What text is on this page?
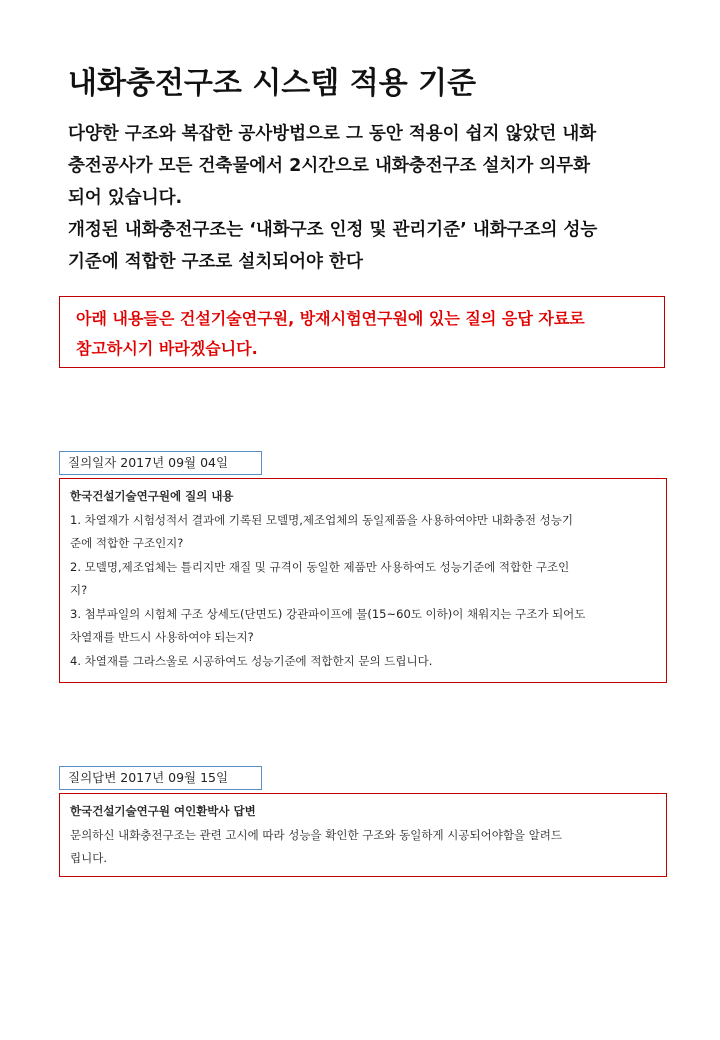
내화충전구조 시스템 적용 기준

다양한 구조와 복잡한 공사방법으로 그 동안 적용이 쉽지 않았던 내화

충전공사가 모든 건축물에서 2시간으로 내화충전구조 설치가 의무화

되어 있습니다.

개정된 내화충전구조는 ‘내화구조 인정 및 관리기준’ 내화구조의 성능

기준에 적합한 구조로 설치되어야 한다

아래 내용들은 건설기술연구원, 방재시험연구원에 있는 질의 응답 자료로

참고하시기 바라겠습니다.

질의일자 2017년 09월 04일

한국건설기술연구원에 질의 내용

1. 차열재가 시험성적서 결과에 기록된 모델명,제조업체의 동일제품을 사용하여야만 내화충전 성능기

준에 적합한 구조인지?

2. 모델명,제조업체는 틀리지만 재질 및 규격이 동일한 제품만 사용하여도 성능기준에 적합한 구조인

지?

3. 첨부파일의 시험체 구조 상세도(단면도) 강관파이프에 물(15~60도 이하)이 채워지는 구조가 되어도

차열재를 반드시 사용하여야 되는지?

4. 차열재를 그라스울로 시공하여도 성능기준에 적합한지 문의 드립니다.

질의답변 2017년 09월 15일

한국건설기술연구원 여인환박사 답변

문의하신 내화충전구조는 관련 고시에 따라 성능을 확인한 구조와 동일하게 시공되어야함을 알려드

립니다.
